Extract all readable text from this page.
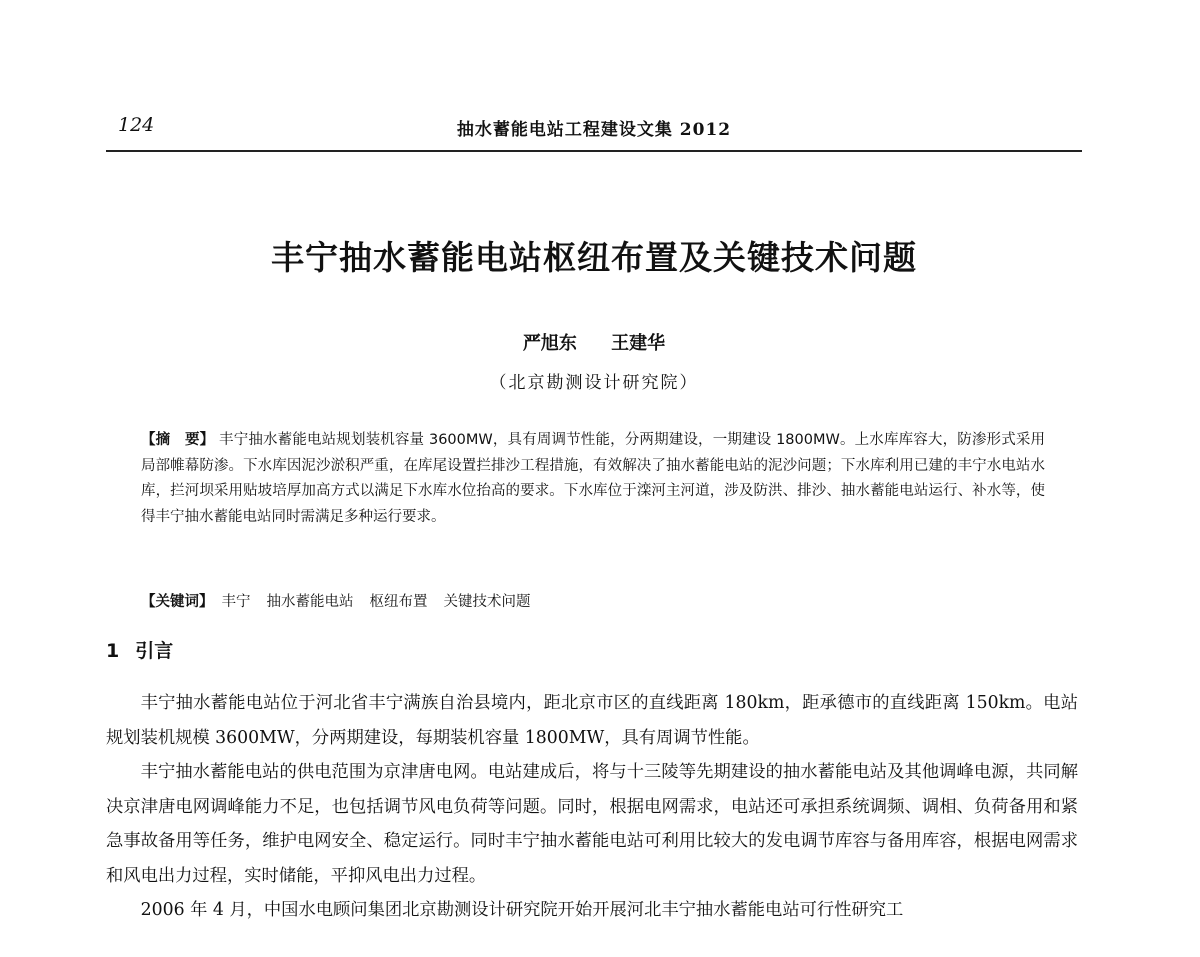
124	抽水蓄能电站工程建设文集 2012
丰宁抽水蓄能电站枢纽布置及关键技术问题
严旭东 王建华
（北京勘测设计研究院）
【摘　要】 丰宁抽水蓄能电站规划装机容量 3600MW，具有周调节性能，分两期建设，一期建设 1800MW。上水库库容大，防渗形式采用局部帷幕防渗。下水库因泥沙淤积严重，在库尾设置拦排沙工程措施，有效解决了抽水蓄能电站的泥沙问题；下水库利用已建的丰宁水电站水库，拦河坝采用贴坡培厚加高方式以满足下水库水位抬高的要求。下水库位于滦河主河道，涉及防洪、排沙、抽水蓄能电站运行、补水等，使得丰宁抽水蓄能电站同时需满足多种运行要求。
【关键词】 丰宁 抽水蓄能电站 枢纽布置 关键技术问题
1 引言

丰宁抽水蓄能电站位于河北省丰宁满族自治县境内，距北京市区的直线距离 180km，距承德市的直线距离 150km。电站规划装机规模 3600MW，分两期建设，每期装机容量 1800MW，具有周调节性能。

丰宁抽水蓄能电站的供电范围为京津唐电网。电站建成后，将与十三陵等先期建设的抽水蓄能电站及其他调峰电源，共同解决京津唐电网调峰能力不足，也包括调节风电负荷等问题。同时，根据电网需求，电站还可承担系统调频、调相、负荷备用和紧急事故备用等任务，维护电网安全、稳定运行。同时丰宁抽水蓄能电站可利用比较大的发电调节库容与备用库容，根据电网需求和风电出力过程，实时储能，平抑风电出力过程。

2006 年 4 月，中国水电顾问集团北京勘测设计研究院开始开展河北丰宁抽水蓄能电站可行性研究工
